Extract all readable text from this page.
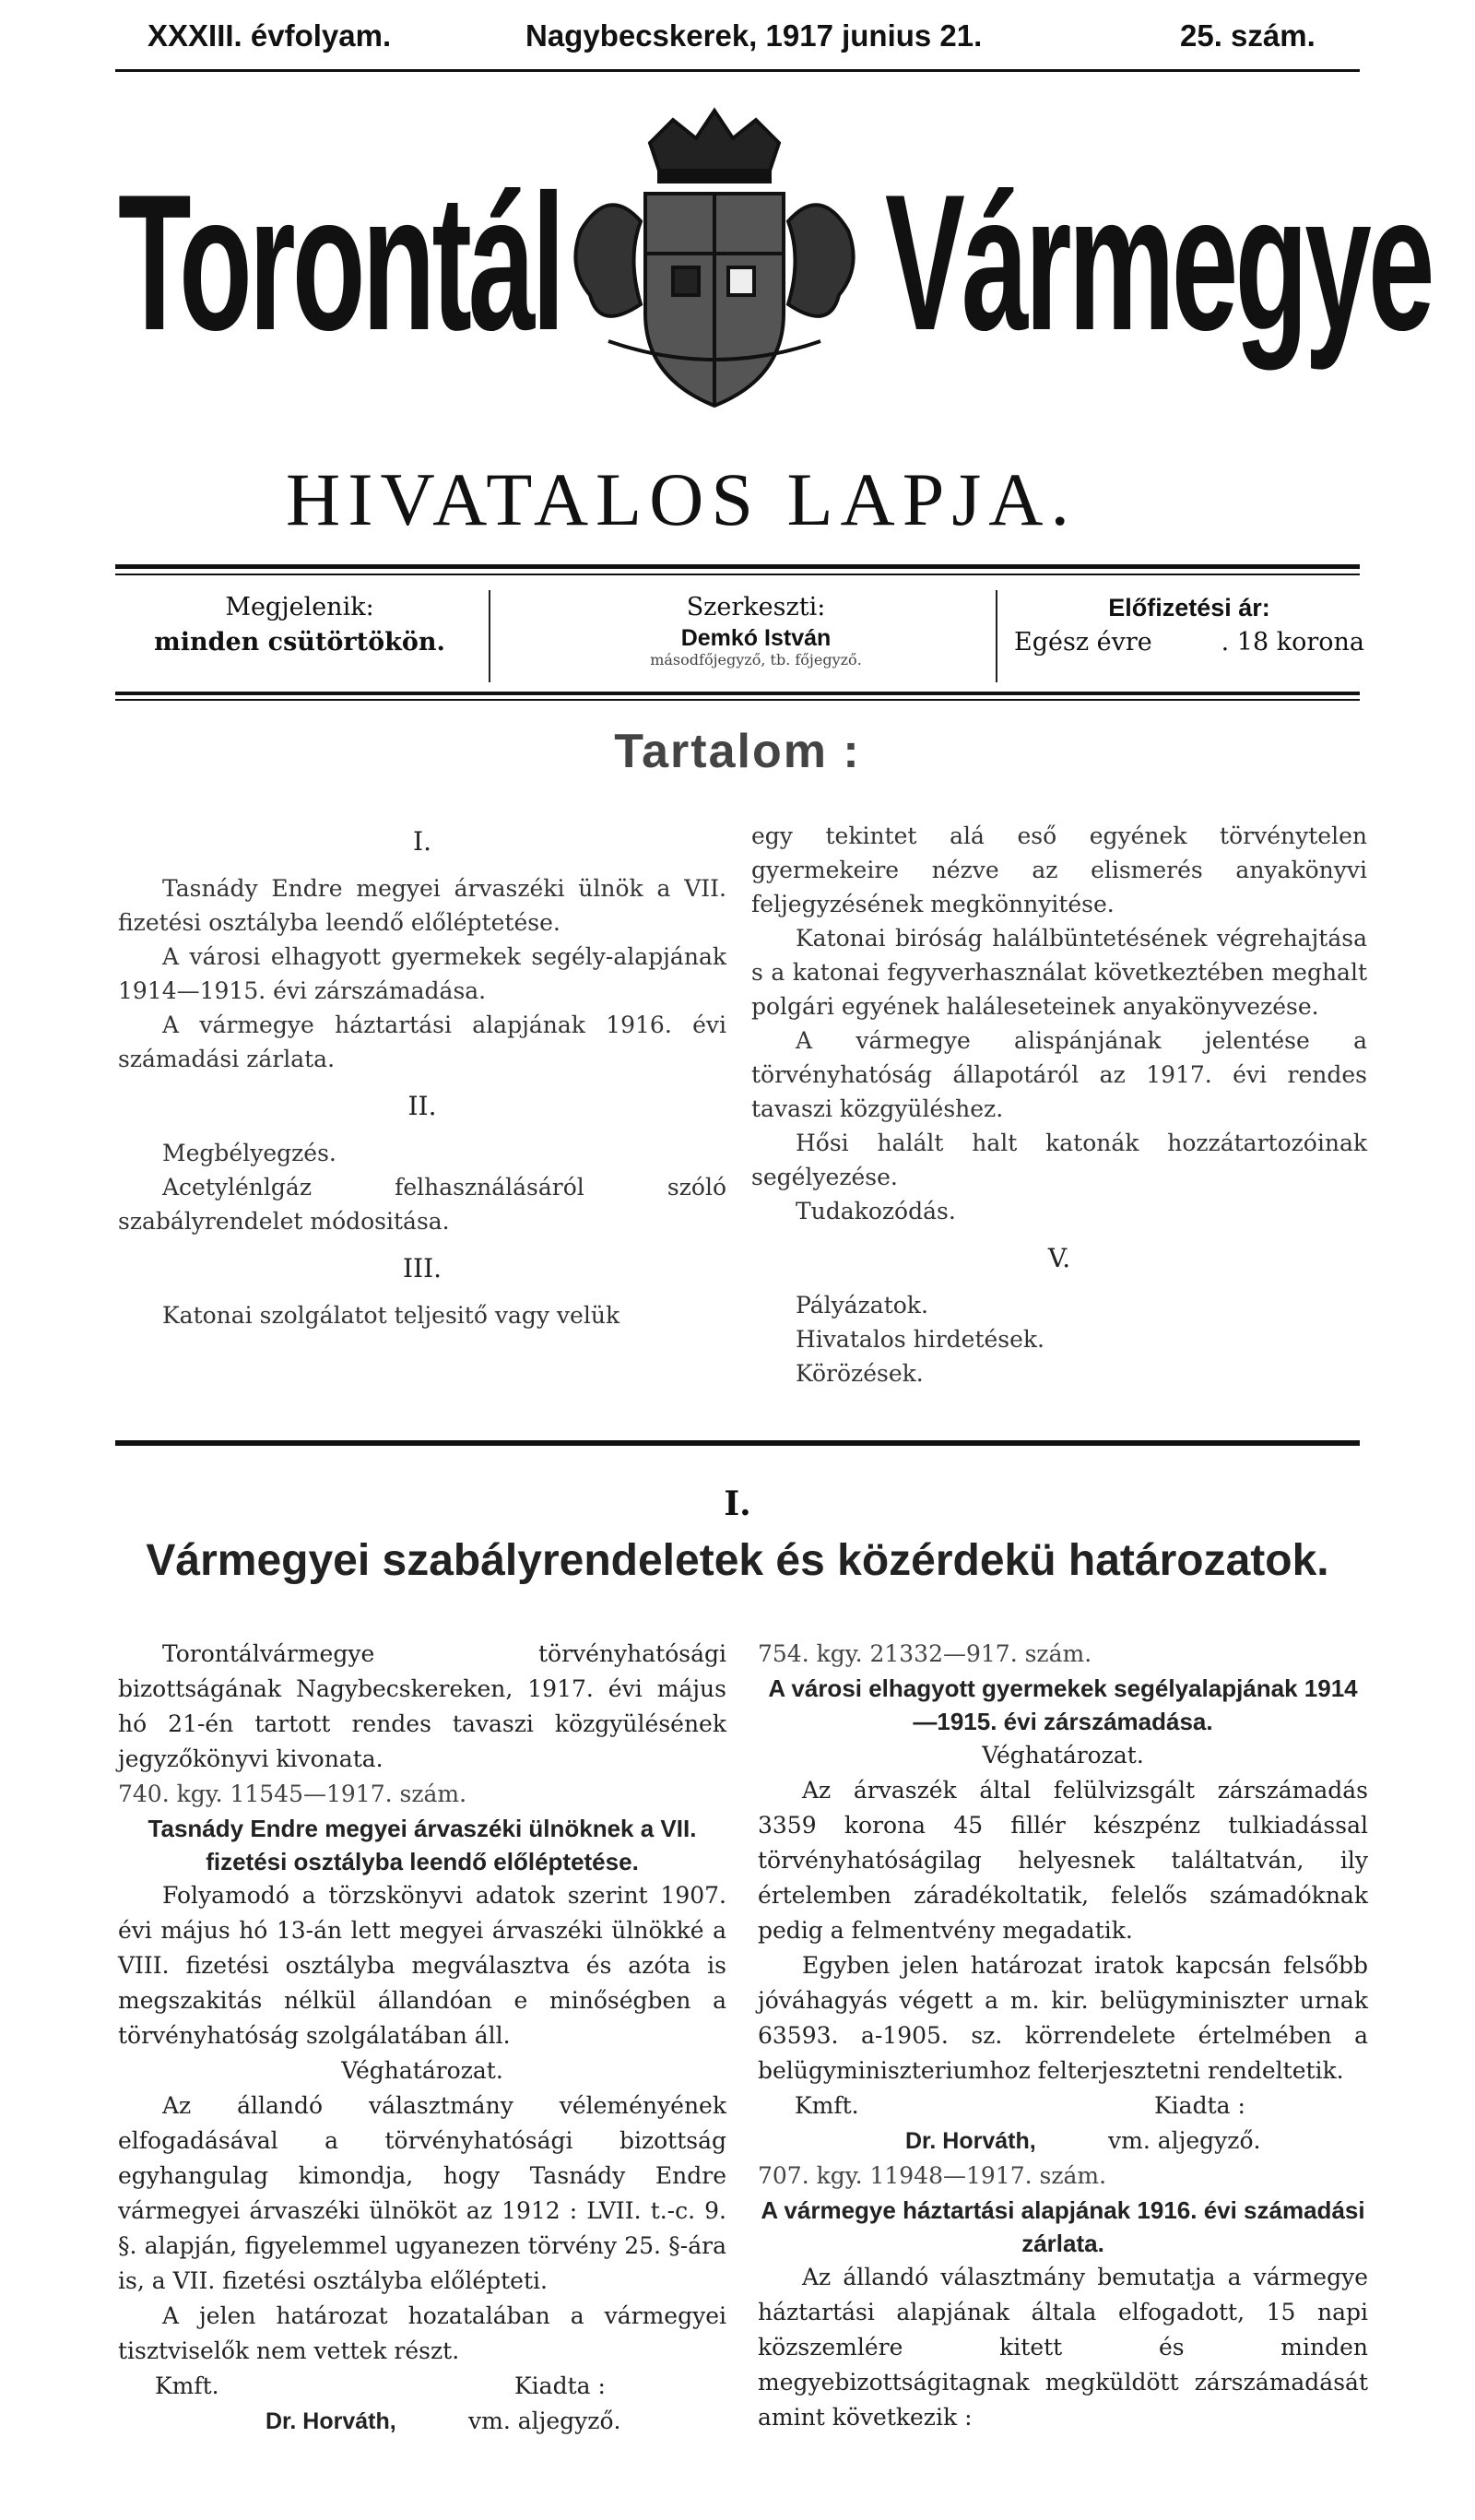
XXXIII. évfolyam.	Nagybecskerek, 1917 junius 21.	25. szám.
Torontál Vármegye
HIVATALOS LAPJA.
Megjelenik:
minden csütörtökön.
Szerkeszti:
Demkó István
másodfőjegyző, tb. főjegyző.
Előfizetési ár:
Egész évre	. 18 korona
Tartalom :
I.

Tasnády Endre megyei árvaszéki ülnök a VII. fizetési osztályba leendő előléptetése.

A városi elhagyott gyermekek segély-alapjának 1914—1915. évi zárszámadása.

A vármegye háztartási alapjának 1916. évi számadási zárlata.

II.

Megbélyegzés.

Acetylénlgáz felhasználásáról szóló szabályrendelet módositása.

III.

Katonai szolgálatot teljesitő vagy velük

egy tekintet alá eső egyének törvénytelen gyermekeire nézve az elismerés anyakönyvi feljegyzésének megkönnyitése.

Katonai biróság halálbüntetésének végrehajtása s a katonai fegyverhasználat következtében meghalt polgári egyének haláleseteinek anyakönyvezése.

A vármegye alispánjának jelentése a törvényhatóság állapotáról az 1917. évi rendes tavaszi közgyüléshez.

Hősi halált halt katonák hozzátartozóinak segélyezése.

Tudakozódás.

V.

Pályázatok.

Hivatalos hirdetések.

Körözések.

I.
Vármegyei szabályrendeletek és közérdekü határozatok.

Torontálvármegye törvényhatósági bizottságának Nagybecskereken, 1917. évi május hó 21-én tartott rendes tavaszi közgyülésének jegyzőkönyvi kivonata.

740. kgy. 11545—1917. szám.

Tasnády Endre megyei árvaszéki ülnöknek a VII. fizetési osztályba leendő előléptetése.

Folyamodó a törzskönyvi adatok szerint 1907. évi május hó 13-án lett megyei árvaszéki ülnökké a VIII. fizetési osztályba megválasztva és azóta is megszakitás nélkül állandóan e minőségben a törvényhatóság szolgálatában áll.

Véghatározat.

Az állandó választmány véleményének elfogadásával a törvényhatósági bizottság egyhangulag kimondja, hogy Tasnády Endre vármegyei árvaszéki ülnököt az 1912 : LVII. t.-c. 9. §. alapján, figyelemmel ugyanezen törvény 25. §-ára is, a VII. fizetési osztályba előlépteti.

A jelen határozat hozatalában a vármegyei tisztviselők nem vettek részt.

Kmft.	Kiadta :
Dr. Horváth,	vm. aljegyző.

754. kgy. 21332—917. szám.

A városi elhagyott gyermekek segélyalapjának 1914—1915. évi zárszámadása.

Véghatározat.

Az árvaszék által felülvizsgált zárszámadás 3359 korona 45 fillér készpénz tulkiadással törvényhatóságilag helyesnek találtatván, ily értelemben záradékoltatik, felelős számadóknak pedig a felmentvény megadatik.

Egyben jelen határozat iratok kapcsán felsőbb jóváhagyás végett a m. kir. belügyminiszter urnak 63593. a-1905. sz. körrendelete értelmében a belügyminiszteriumhoz felterjesztetni rendeltetik.

Kmft.	Kiadta :
Dr. Horváth,	vm. aljegyző.

707. kgy. 11948—1917. szám.

A vármegye háztartási alapjának 1916. évi számadási zárlata.

Az állandó választmány bemutatja a vármegye háztartási alapjának általa elfogadott, 15 napi közszemlére kitett és minden megyebizottságitagnak megküldött zárszámadását amint következik :
